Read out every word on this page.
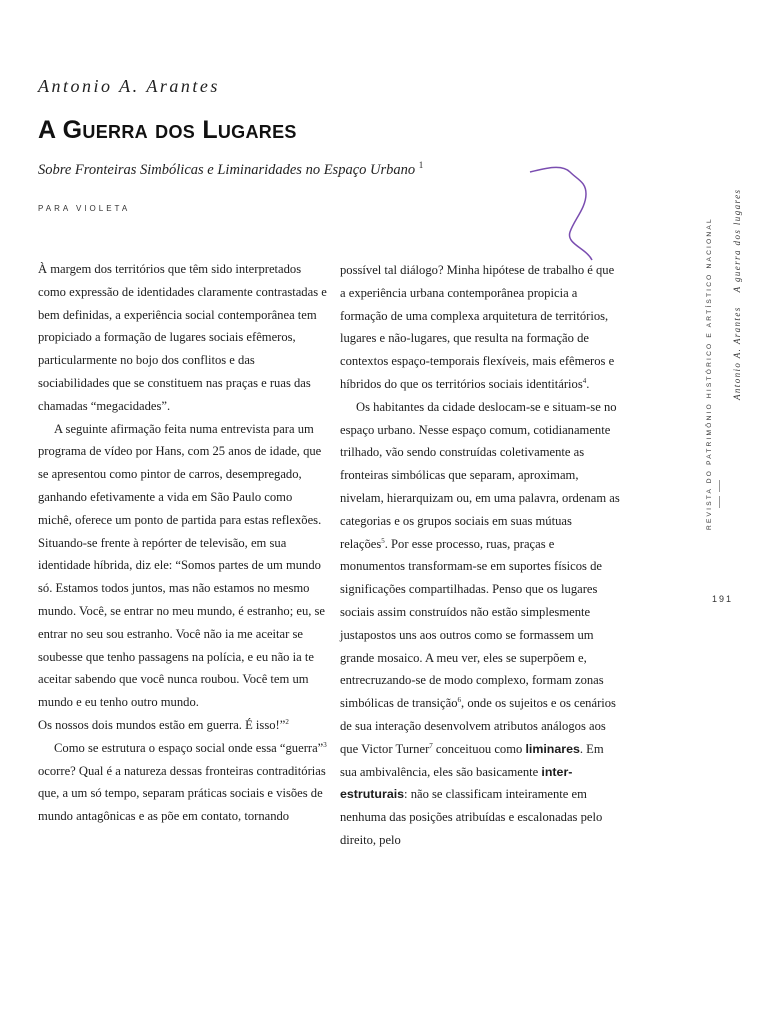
Antonio A. Arantes
A Guerra dos Lugares
Sobre Fronteiras Simbólicas e Liminaridades no Espaço Urbano $^1$
PARA VIOLETA

À margem dos territórios que têm sido interpretados como expressão de identidades claramente contrastadas e bem definidas, a experiência social contemporânea tem propiciado a formação de lugares sociais efêmeros, particularmente no bojo dos conflitos e das sociabilidades que se constituem nas praças e ruas das chamadas “megacidades”.

A seguinte afirmação feita numa entrevista para um programa de vídeo por Hans, com 25 anos de idade, que se apresentou como pintor de carros, desempregado, ganhando efetivamente a vida em São Paulo como michê, oferece um ponto de partida para estas reflexões. Situando-se frente à repórter de televisão, em sua identidade híbrida, diz ele: “Somos partes de um mundo só. Estamos todos juntos, mas não estamos no mesmo mundo. Você, se entrar no meu mundo, é estranho; eu, se entrar no seu sou estranho. Você não ia me aceitar se soubesse que tenho passagens na polícia, e eu não ia te aceitar sabendo que você nunca roubou. Você tem um mundo e eu tenho outro mundo.

Os nossos dois mundos estão em guerra. É isso!”$^2$

Como se estrutura o espaço social onde essa “guerra”$^3$ ocorre? Qual é a natureza dessas fronteiras contraditórias que, a um só tempo, separam práticas sociais e visões de mundo antagônicas e as põe em contato, tornando

possível tal diálogo? Minha hipótese de trabalho é que a experiência urbana contemporânea propicia a formação de uma complexa arquitetura de territórios, lugares e não-lugares, que resulta na formação de contextos espaço-temporais flexíveis, mais efêmeros e híbridos do que os territórios sociais identitários$^4$.

Os habitantes da cidade deslocam-se e situam-se no espaço urbano. Nesse espaço comum, cotidianamente trilhado, vão sendo construídas coletivamente as fronteiras simbólicas que separam, aproximam, nivelam, hierarquizam ou, em uma palavra, ordenam as categorias e os grupos sociais em suas mútuas relações$^5$. Por esse processo, ruas, praças e monumentos transformam-se em suportes físicos de significações compartilhadas. Penso que os lugares sociais assim construídos não estão simplesmente justapostos uns aos outros como se formassem um grande mosaico. A meu ver, eles se superpõem e, entrecruzando-se de modo complexo, formam zonas simbólicas de transição$^6$, onde os sujeitos e os cenários de sua interação desenvolvem atributos análogos aos que Victor Turner$^7$ conceituou como liminares. Em sua ambivalência, eles são basicamente inter-estruturais: não se classificam inteiramente em nenhuma das posições atribuídas e escalonadas pelo direito, pelo

REVISTA DO PATRIMÔNIO HISTÓRICO E ARTÍSTICO NACIONAL Antonio A. ArantesA guerra dos lugares
191
